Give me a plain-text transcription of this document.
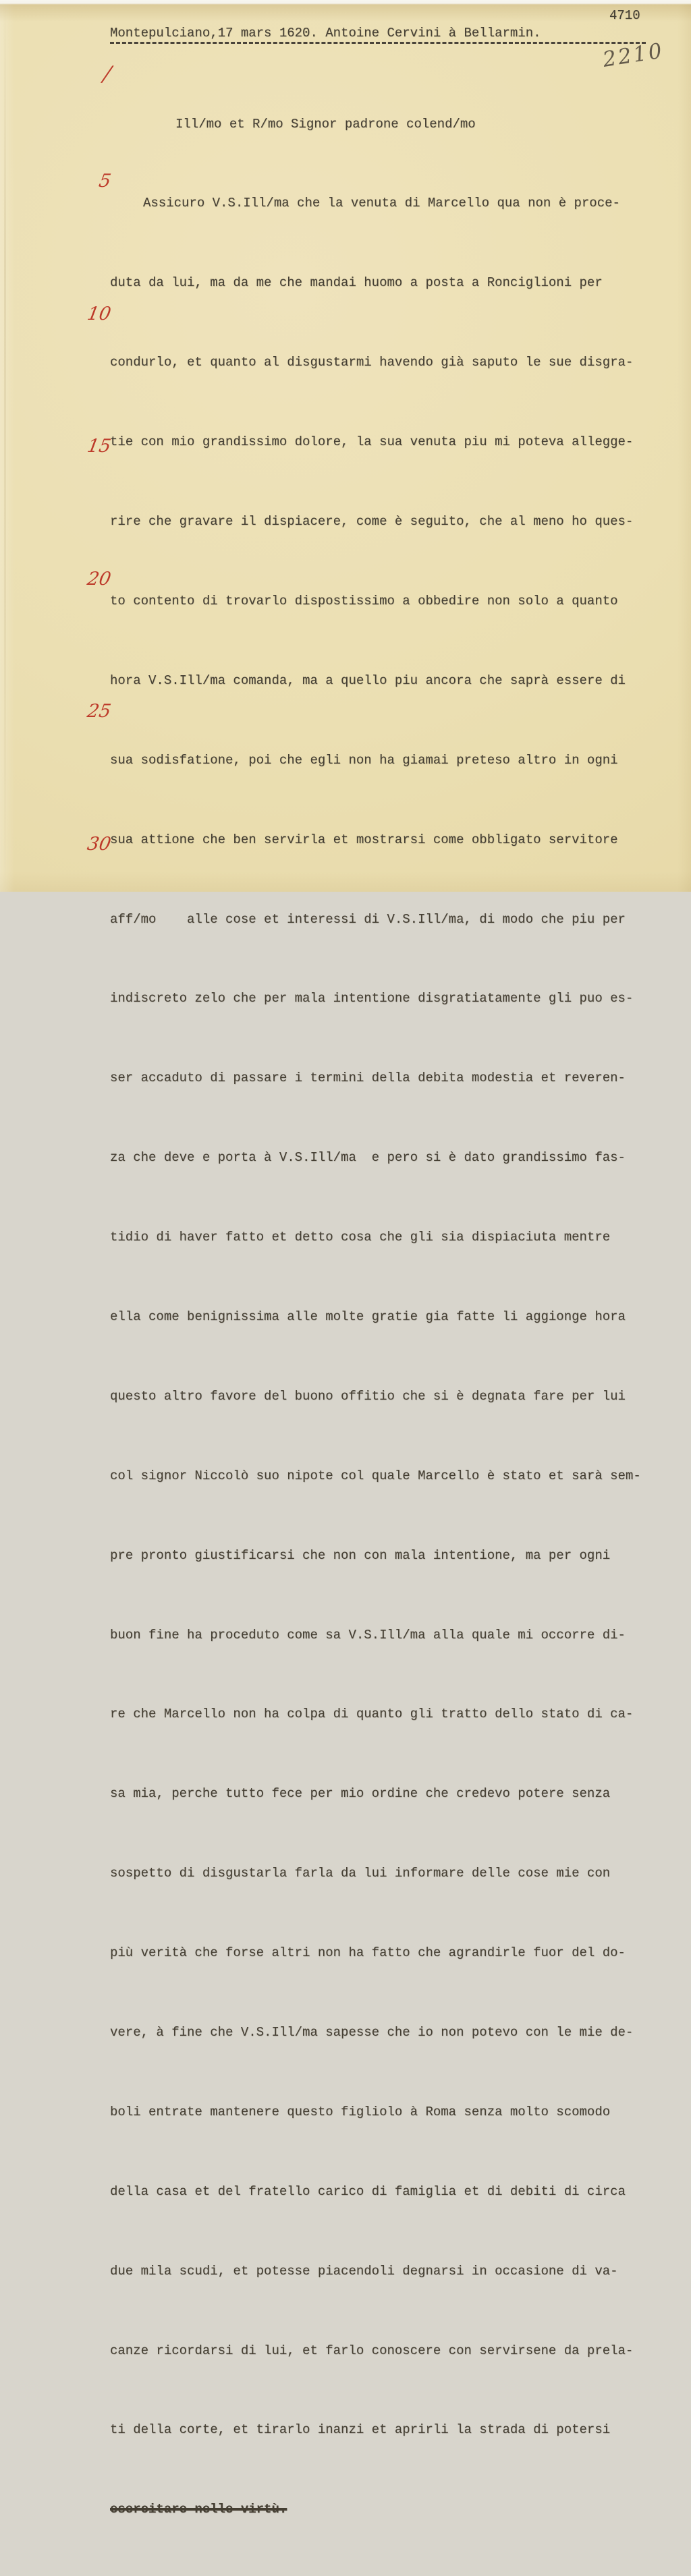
4710
Montepulciano,17 mars 1620. Antoine Cervini à Bellarmin.
2210
/
5
10
15
20
25
30

Ill/mo et R/mo Signor padrone colend/mo

Assicuro V.S.Ill/ma che la venuta di Marcello qua non è proce-

duta da lui, ma da me che mandai huomo a posta a Ronciglioni per

condurlo, et quanto al disgustarmi havendo già saputo le sue disgra-

tie con mio grandissimo dolore, la sua venuta piu mi poteva allegge-

rire che gravare il dispiacere, come è seguito, che al meno ho ques-

to contento di trovarlo dispostissimo a obbedire non solo a quanto

hora V.S.Ill/ma comanda, ma a quello piu ancora che saprà essere di

sua sodisfatione, poi che egli non ha giamai preteso altro in ogni

sua attione che ben servirla et mostrarsi come obbligato servitore

aff/mo    alle cose et interessi di V.S.Ill/ma, di modo che piu per

indiscreto zelo che per mala intentione disgratiatamente gli puo es-

ser accaduto di passare i termini della debita modestia et reveren-

za che deve e porta à V.S.Ill/ma  e pero si è dato grandissimo fas-

tidio di haver fatto et detto cosa che gli sia dispiaciuta mentre

ella come benignissima alle molte gratie gia fatte li aggionge hora

questo altro favore del buono offitio che si è degnata fare per lui

col signor Niccolò suo nipote col quale Marcello è stato et sarà sem-

pre pronto giustificarsi che non con mala intentione, ma per ogni

buon fine ha proceduto come sa V.S.Ill/ma alla quale mi occorre di-

re che Marcello non ha colpa di quanto gli tratto dello stato di ca-

sa mia, perche tutto fece per mio ordine che credevo potere senza

sospetto di disgustarla farla da lui informare delle cose mie con

più verità che forse altri non ha fatto che agrandirle fuor del do-

vere, à fine che V.S.Ill/ma sapesse che io non potevo con le mie de-

boli entrate mantenere questo figliolo à Roma senza molto scomodo

della casa et del fratello carico di famiglia et di debiti di circa

due mila scudi, et potesse piacendoli degnarsi in occasione di va-

canze ricordarsi di lui, et farlo conoscere con servirsene da prela-

ti della corte, et tirarlo inanzi et aprirli la strada di potersi

esercitare nelle virtù.
